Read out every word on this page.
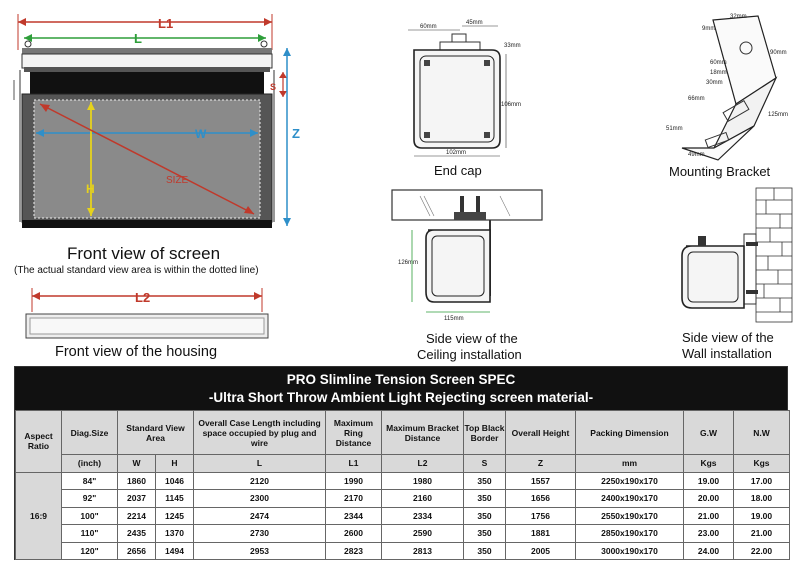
L1
L
S
Z
W
H
SIZE
Front view of screen
(The actual standard view area is within the dotted line)
L2
Front view of the housing
60mm
45mm
33mm
106mm
102mm
End cap
32mm
9mm
90mm
60mm
18mm
30mm
125mm
66mm
51mm
49mm
Mounting Bracket
126mm
115mm
Side view of the
Ceiling installation
Side view of the
Wall installation
PRO Slimline Tension Screen SPEC
-Ultra Short Throw Ambient Light Rejecting screen material-
Aspect Ratio	Diag.Size	Standard View Area		Overall Case Length including space occupied by plug and wire	Maximum Ring Distance	Maximum Bracket Distance	Top Black Border	Overall Height	Packing Dimension	G.W	N.W
	(inch)	W	H	L	L1	L2	S	Z	mm	Kgs	Kgs
16:9	84"	1860	1046	2120	1990	1980	350	1557	2250x190x170	19.00	17.00
	92"	2037	1145	2300	2170	2160	350	1656	2400x190x170	20.00	18.00
	100"	2214	1245	2474	2344	2334	350	1756	2550x190x170	21.00	19.00
	110"	2435	1370	2730	2600	2590	350	1881	2850x190x170	23.00	21.00
	120"	2656	1494	2953	2823	2813	350	2005	3000x190x170	24.00	22.00
